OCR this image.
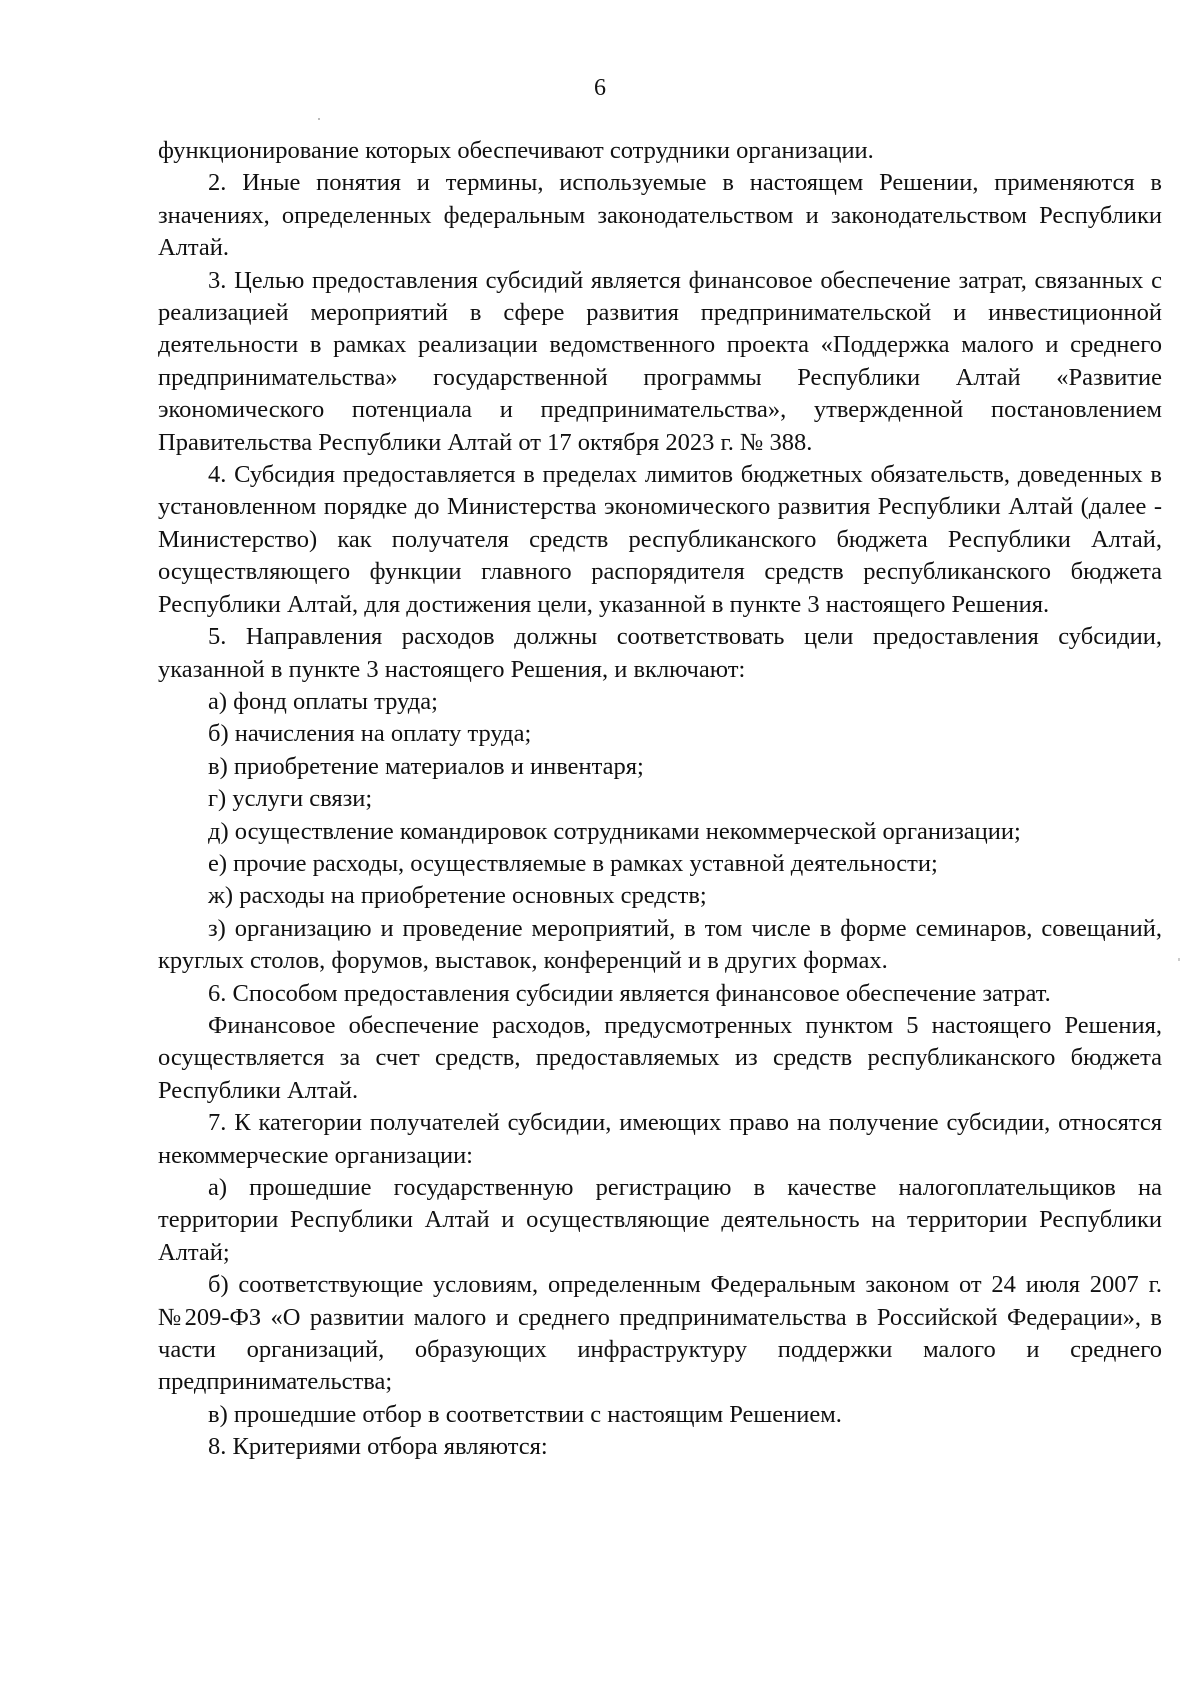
6

функционирование которых обеспечивают сотрудники организации.

2. Иные понятия и термины, используемые в настоящем Решении, применяются в значениях, определенных федеральным законодательством и законодательством Республики Алтай.

3. Целью предоставления субсидий является финансовое обеспечение затрат, связанных с реализацией мероприятий в сфере развития предпринимательской и инвестиционной деятельности в рамках реализации ведомственного проекта «Поддержка малого и среднего предпринимательства» государственной программы Республики Алтай «Развитие экономического потенциала и предпринимательства», утвержденной постановлением Правительства Республики Алтай от 17 октября 2023 г. № 388.

4. Субсидия предоставляется в пределах лимитов бюджетных обязательств, доведенных в установленном порядке до Министерства экономического развития Республики Алтай (далее - Министерство) как получателя средств республиканского бюджета Республики Алтай, осуществляющего функции главного распорядителя средств республиканского бюджета Республики Алтай, для достижения цели, указанной в пункте 3 настоящего Решения.

5. Направления расходов должны соответствовать цели предоставления субсидии, указанной в пункте 3 настоящего Решения, и включают:

а) фонд оплаты труда;

б) начисления на оплату труда;

в) приобретение материалов и инвентаря;

г) услуги связи;

д) осуществление командировок сотрудниками некоммерческой организации;

е) прочие расходы, осуществляемые в рамках уставной деятельности;

ж) расходы на приобретение основных средств;

з) организацию и проведение мероприятий, в том числе в форме семинаров, совещаний, круглых столов, форумов, выставок, конференций и в других формах.

6. Способом предоставления субсидии является финансовое обеспечение затрат.

Финансовое обеспечение расходов, предусмотренных пунктом 5 настоящего Решения, осуществляется за счет средств, предоставляемых из средств республиканского бюджета Республики Алтай.

7. К категории получателей субсидии, имеющих право на получение субсидии, относятся некоммерческие организации:

а) прошедшие государственную регистрацию в качестве налогоплательщиков на территории Республики Алтай и осуществляющие деятельность на территории Республики Алтай;

б) соответствующие условиям, определенным Федеральным законом от 24 июля 2007 г. №209-ФЗ «О развитии малого и среднего предпринимательства в Российской Федерации», в части организаций, образующих инфраструктуру поддержки малого и среднего предпринимательства;

в) прошедшие отбор в соответствии с настоящим Решением.

8. Критериями отбора являются:
